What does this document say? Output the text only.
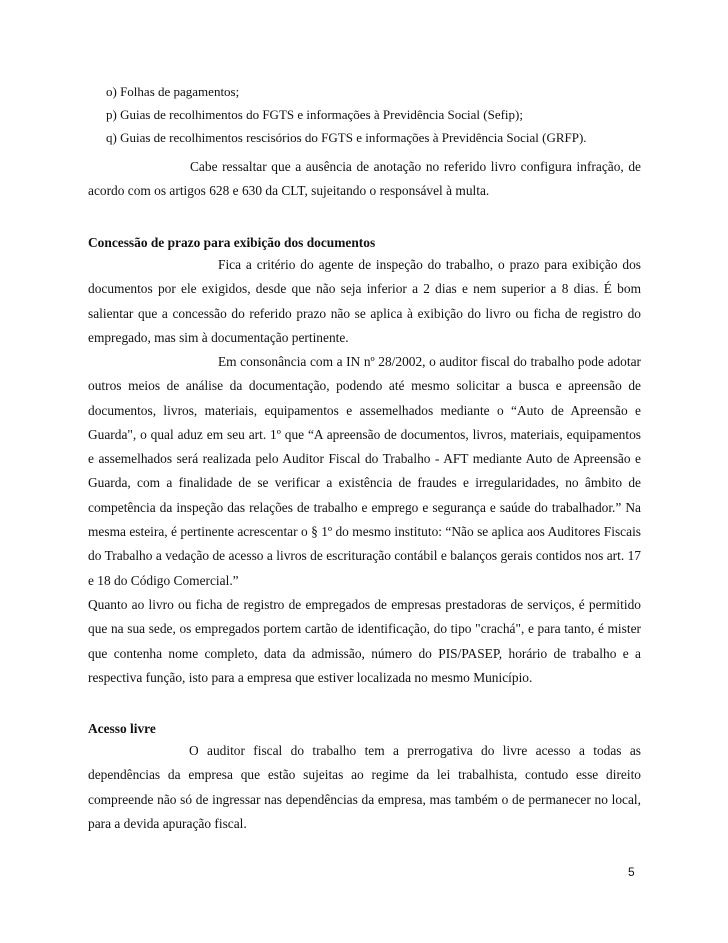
o) Folhas de pagamentos;
p) Guias de recolhimentos do FGTS e informações à Previdência Social (Sefip);
q) Guias de recolhimentos rescisórios do FGTS e informações à Previdência Social (GRFP).

Cabe ressaltar que a ausência de anotação no referido livro configura infração, de acordo com os artigos 628 e 630 da CLT, sujeitando o responsável à multa.

Concessão de prazo para exibição dos documentos

Fica a critério do agente de inspeção do trabalho, o prazo para exibição dos documentos por ele exigidos, desde que não seja inferior a 2 dias e nem superior a 8 dias. É bom salientar que a concessão do referido prazo não se aplica à exibição do livro ou ficha de registro do empregado, mas sim à documentação pertinente.

Em consonância com a IN nº 28/2002, o auditor fiscal do trabalho pode adotar outros meios de análise da documentação, podendo até mesmo solicitar a busca e apreensão de documentos, livros, materiais, equipamentos e assemelhados mediante o “Auto de Apreensão e Guarda", o qual aduz em seu art. 1º que “A apreensão de documentos, livros, materiais, equipamentos e assemelhados será realizada pelo Auditor Fiscal do Trabalho - AFT mediante Auto de Apreensão e Guarda, com a finalidade de se verificar a existência de fraudes e irregularidades, no âmbito de competência da inspeção das relações de trabalho e emprego e segurança e saúde do trabalhador.” Na mesma esteira, é pertinente acrescentar o § 1º do mesmo instituto: “Não se aplica aos Auditores Fiscais do Trabalho a vedação de acesso a livros de escrituração contábil e balanços gerais contidos nos art. 17 e 18 do Código Comercial.”

Quanto ao livro ou ficha de registro de empregados de empresas prestadoras de serviços, é permitido que na sua sede, os empregados portem cartão de identificação, do tipo "crachá", e para tanto, é mister que contenha nome completo, data da admissão, número do PIS/PASEP, horário de trabalho e a respectiva função, isto para a empresa que estiver localizada no mesmo Município.

Acesso livre

O auditor fiscal do trabalho tem a prerrogativa do livre acesso a todas as dependências da empresa que estão sujeitas ao regime da lei trabalhista, contudo esse direito compreende não só de ingressar nas dependências da empresa, mas também o de permanecer no local, para a devida apuração fiscal.

5
